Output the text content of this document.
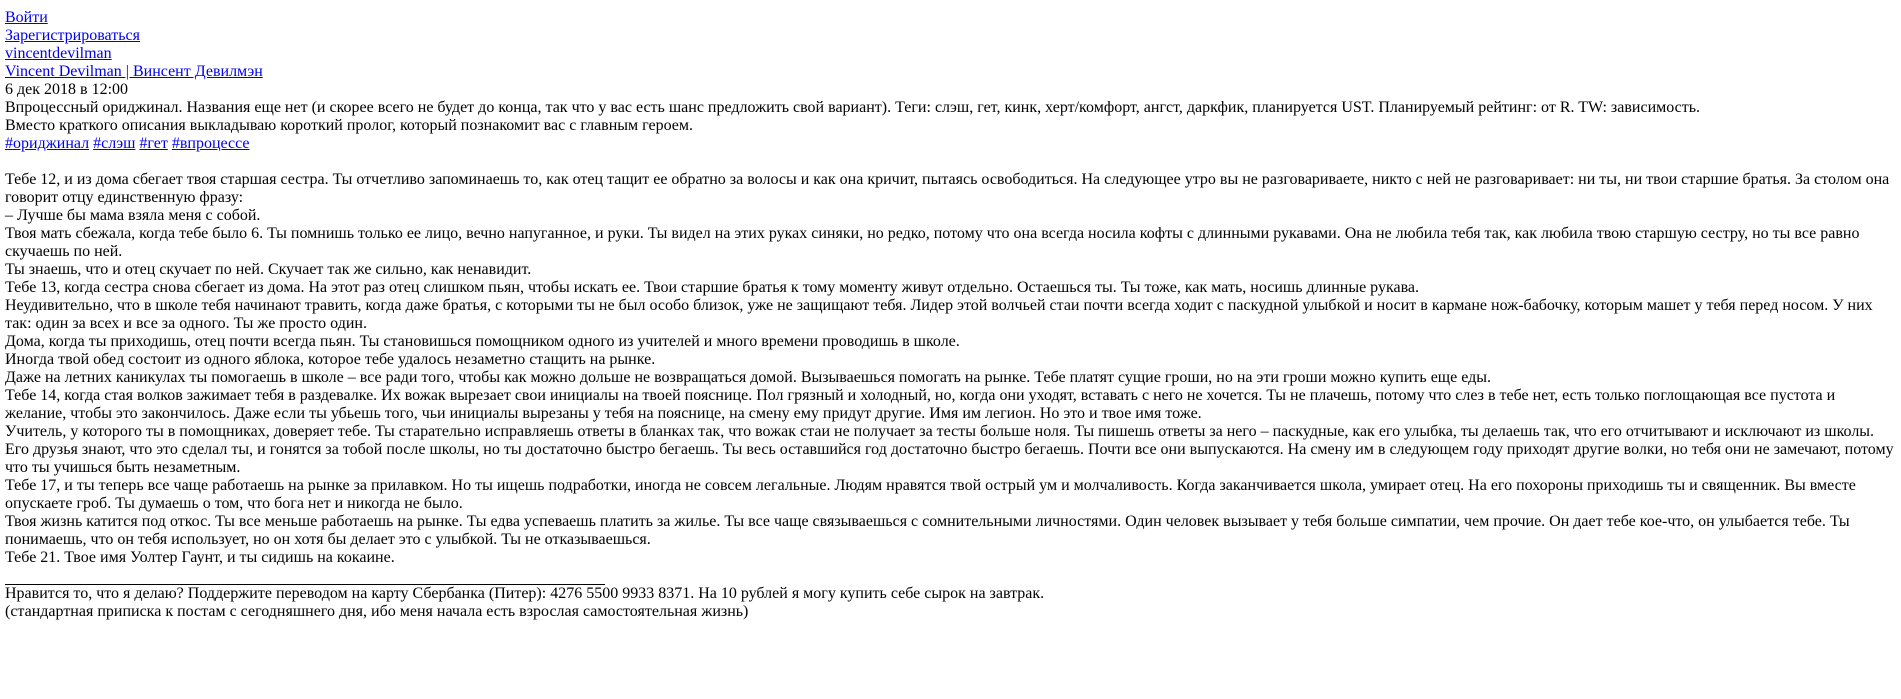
Войти
Зарегистрироваться
vincentdevilman
Vincent Devilman | Винсент Девилмэн
6 дек 2018 в 12:00
Впроцессный ориджинал. Названия еще нет (и скорее всего не будет до конца, так что у вас есть шанс предложить свой вариант). Теги: слэш, гет, кинк, херт/комфорт, ангст, даркфик, планируется UST. Планируемый рейтинг: от R. TW: зависимость.
Вместо краткого описания выкладываю короткий пролог, который познакомит вас с главным героем.
#ориджинал #слэш #гет #впроцессе

Тебе 12, и из дома сбегает твоя старшая сестра. Ты отчетливо запоминаешь то, как отец тащит ее обратно за волосы и как она кричит, пытаясь освободиться. На следующее утро вы не разговариваете, никто с ней не разговаривает: ни ты, ни твои старшие братья. За столом она говорит отцу единственную фразу:

– Лучше бы мама взяла меня с собой.

Твоя мать сбежала, когда тебе было 6. Ты помнишь только ее лицо, вечно напуганное, и руки. Ты видел на этих руках синяки, но редко, потому что она всегда носила кофты с длинными рукавами. Она не любила тебя так, как любила твою старшую сестру, но ты все равно скучаешь по ней.

Ты знаешь, что и отец скучает по ней. Скучает так же сильно, как ненавидит.

Тебе 13, когда сестра снова сбегает из дома. На этот раз отец слишком пьян, чтобы искать ее. Твои старшие братья к тому моменту живут отдельно. Остаешься ты. Ты тоже, как мать, носишь длинные рукава.

Неудивительно, что в школе тебя начинают травить, когда даже братья, с которыми ты не был особо близок, уже не защищают тебя. Лидер этой волчьей стаи почти всегда ходит с паскудной улыбкой и носит в кармане нож-бабочку, которым машет у тебя перед носом. У них так: один за всех и все за одного. Ты же просто один.

Дома, когда ты приходишь, отец почти всегда пьян. Ты становишься помощником одного из учителей и много времени проводишь в школе.

Иногда твой обед состоит из одного яблока, которое тебе удалось незаметно стащить на рынке.

Даже на летних каникулах ты помогаешь в школе – все ради того, чтобы как можно дольше не возвращаться домой. Вызываешься помогать на рынке. Тебе платят сущие гроши, но на эти гроши можно купить еще еды.

Тебе 14, когда стая волков зажимает тебя в раздевалке. Их вожак вырезает свои инициалы на твоей пояснице. Пол грязный и холодный, но, когда они уходят, вставать с него не хочется. Ты не плачешь, потому что слез в тебе нет, есть только поглощающая все пустота и желание, чтобы это закончилось. Даже если ты убьешь того, чьи инициалы вырезаны у тебя на пояснице, на смену ему придут другие. Имя им легион. Но это и твое имя тоже.

Учитель, у которого ты в помощниках, доверяет тебе. Ты старательно исправляешь ответы в бланках так, что вожак стаи не получает за тесты больше ноля. Ты пишешь ответы за него – паскудные, как его улыбка, ты делаешь так, что его отчитывают и исключают из школы. Его друзья знают, что это сделал ты, и гонятся за тобой после школы, но ты достаточно быстро бегаешь. Ты весь оставшийся год достаточно быстро бегаешь. Почти все они выпускаются. На смену им в следующем году приходят другие волки, но тебя они не замечают, потому что ты учишься быть незаметным.

Тебе 17, и ты теперь все чаще работаешь на рынке за прилавком. Но ты ищешь подработки, иногда не совсем легальные. Людям нравятся твой острый ум и молчаливость. Когда заканчивается школа, умирает отец. На его похороны приходишь ты и священник. Вы вместе опускаете гроб. Ты думаешь о том, что бога нет и никогда не было.

Твоя жизнь катится под откос. Ты все меньше работаешь на рынке. Ты едва успеваешь платить за жилье. Ты все чаще связываешься с сомнительными личностями. Один человек вызывает у тебя больше симпатии, чем прочие. Он дает тебе кое-что, он улыбается тебе. Ты понимаешь, что он тебя использует, но он хотя бы делает это с улыбкой. Ты не отказываешься.

Тебе 21. Твое имя Уолтер Гаунт, и ты сидишь на кокаине.

Нравится то, что я делаю? Поддержите переводом на карту Сбербанка (Питер): 4276 5500 9933 8371. На 10 рублей я могу купить себе сырок на завтрак.
(стандартная приписка к постам с сегодняшнего дня, ибо меня начала есть взрослая самостоятельная жизнь)
